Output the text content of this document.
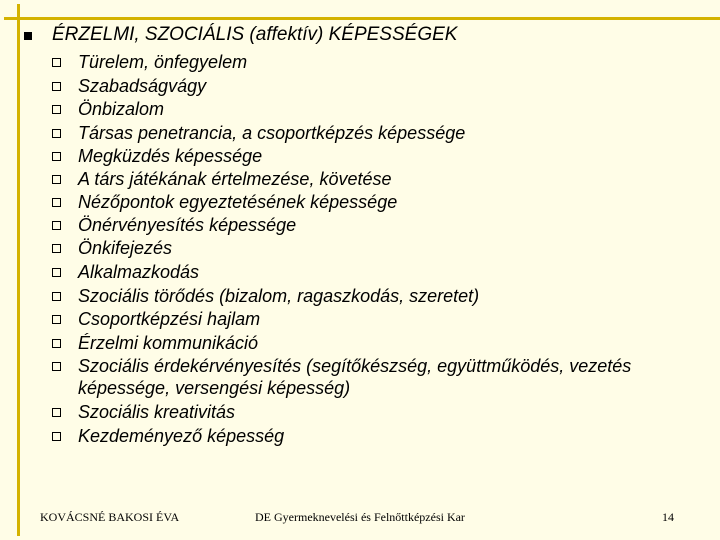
ÉRZELMI, SZOCIÁLIS (affektív) KÉPESSÉGEK
Türelem, önfegyelem
Szabadságvágy
Önbizalom
Társas penetrancia, a csoportképzés képessége
Megküzdés képessége
A társ játékának értelmezése, követése
Nézőpontok egyeztetésének képessége
Önérvényesítés képessége
Önkifejezés
Alkalmazkodás
Szociális törődés (bizalom, ragaszkodás, szeretet)
Csoportképzési hajlam
Érzelmi kommunikáció
Szociális érdekérvényesítés (segítőkészség, együttműködés, vezetés képessége, versengési képesség)
Szociális kreativitás
Kezdeményező képesség
KOVÁCSNÉ BAKOSI ÉVA	DE Gyermeknevelési és Felnőttképzési Kar	14
